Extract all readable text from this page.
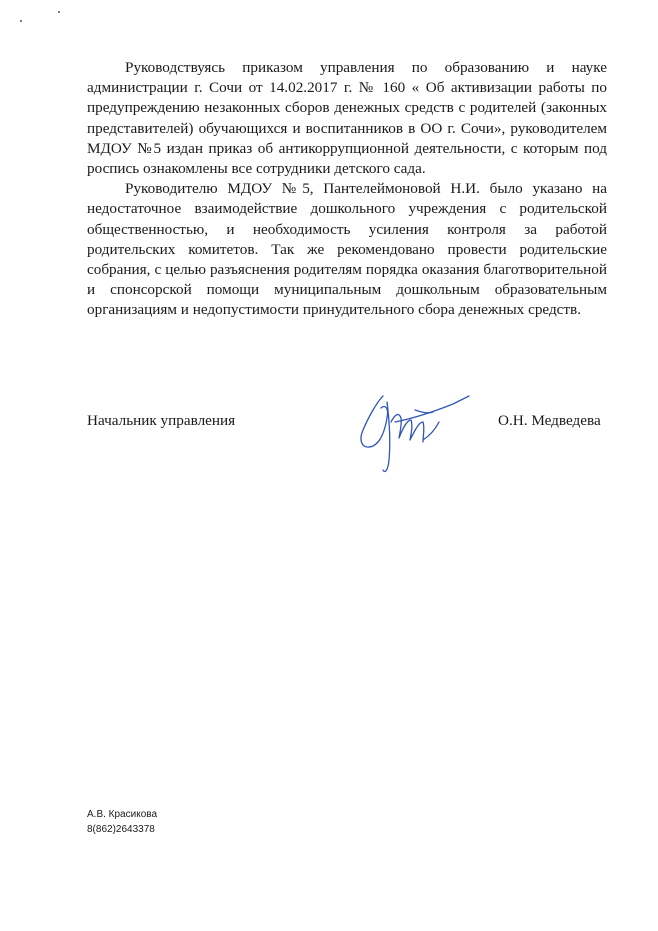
Руководствуясь приказом управления по образованию и науке администрации г. Сочи от 14.02.2017 г. № 160 « Об активизации работы по предупреждению незаконных сборов денежных средств с родителей (законных представителей) обучающихся и воспитанников в ОО г. Сочи», руководителем МДОУ №5 издан приказ об антикоррупционной деятельности, с которым под роспись ознакомлены все сотрудники детского сада.

Руководителю МДОУ №5, Пантелеймоновой Н.И. было указано на недостаточное взаимодействие дошкольного учреждения с родительской общественностью, и необходимость усиления контроля за работой родительских комитетов. Так же рекомендовано провести родительские собрания, с целью разъяснения родителям порядка оказания благотворительной и спонсорской помощи муниципальным дошкольным образовательным организациям и недопустимости принудительного сбора денежных средств.

Начальник управления	О.Н. Медведева
А.В. Красикова
8(862)2643378
